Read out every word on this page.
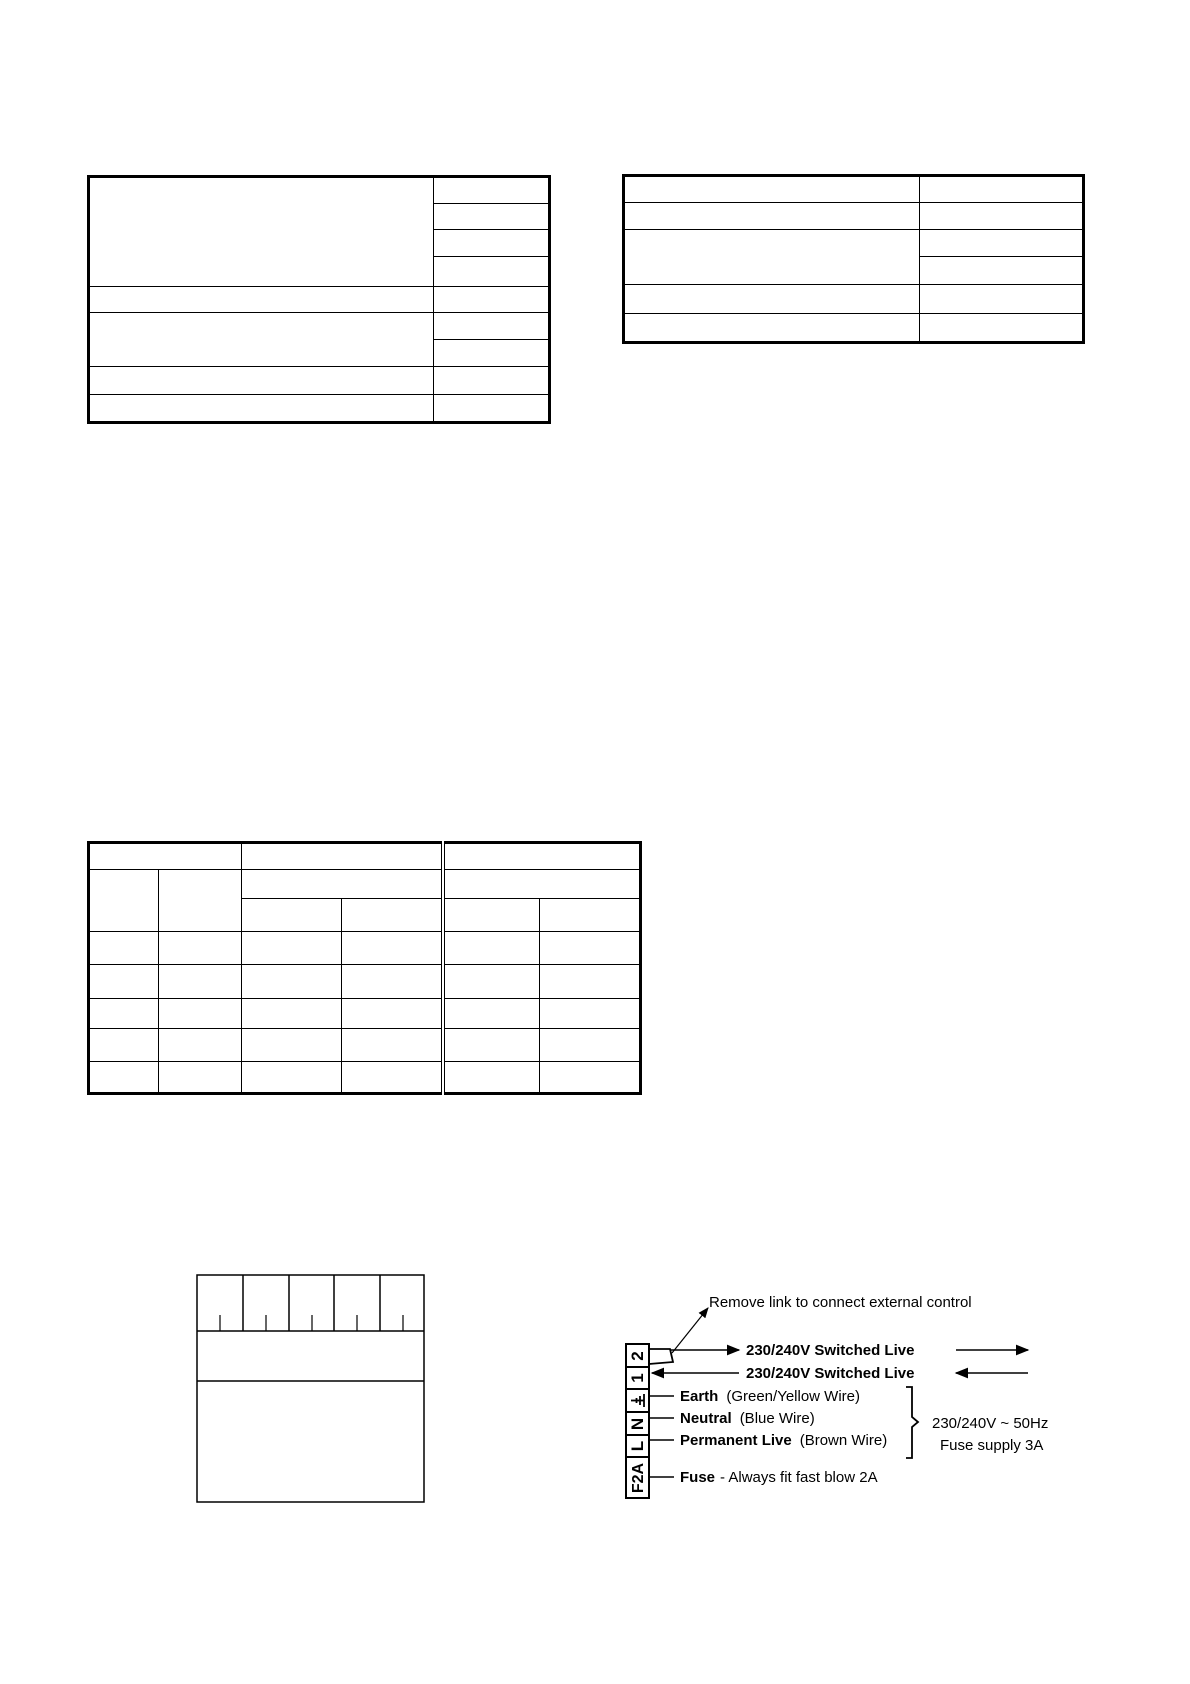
2
1
N
L
F2A
Remove link to connect external control
230/240V Switched Live
230/240V Switched Live
Earth (Green/Yellow Wire)
Neutral (Blue Wire)
Permanent Live (Brown Wire)
230/240V ~ 50Hz
Fuse supply 3A
Fuse - Always fit fast blow 2A
